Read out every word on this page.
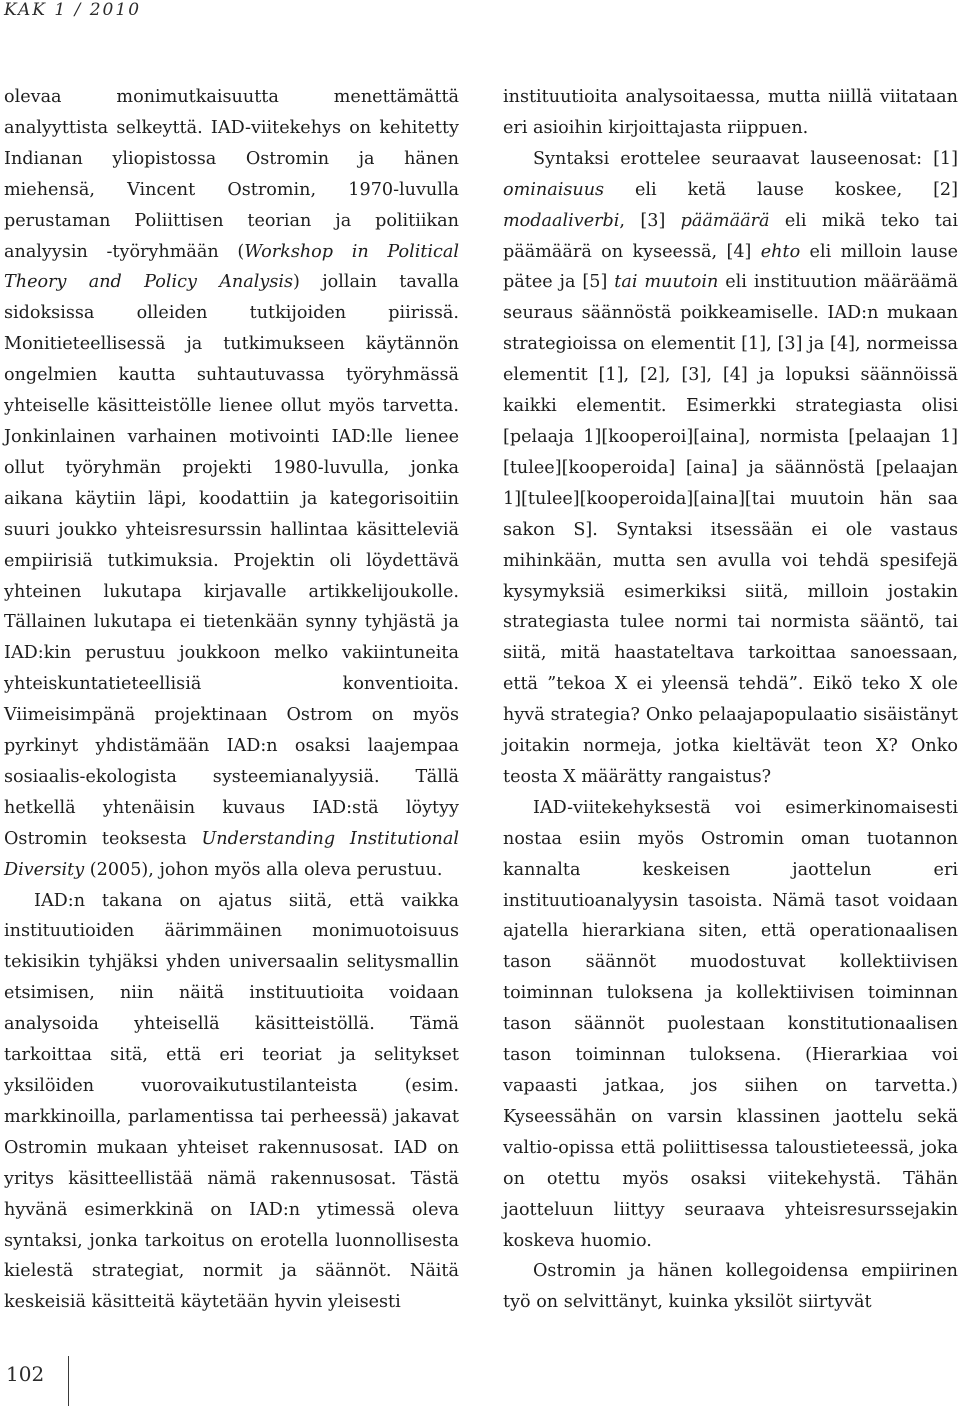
KAK 1 / 2010

olevaa monimutkaisuutta menettämättä analyyttista selkeyttä. IAD-viitekehys on kehitetty Indianan yliopistossa Ostromin ja hänen miehensä, Vincent Ostromin, 1970-luvulla perustaman Poliittisen teorian ja politiikan analyysin -työryhmään (Workshop in Political Theory and Policy Analysis) jollain tavalla sidoksissa olleiden tutkijoiden piirissä. Monitieteellisessä ja tutkimukseen käytännön ongelmien kautta suhtautuvassa työryhmässä yhteiselle käsitteistölle lienee ollut myös tarvetta. Jonkinlainen varhainen motivointi IAD:lle lienee ollut työryhmän projekti 1980-luvulla, jonka aikana käytiin läpi, koodattiin ja kategorisoitiin suuri joukko yhteisresurssin hallintaa käsitteleviä empiirisiä tutkimuksia. Projektin oli löydettävä yhteinen lukutapa kirjavalle artikkelijoukolle. Tällainen lukutapa ei tietenkään synny tyhjästä ja IAD:kin perustuu joukkoon melko vakiintuneita yhteiskuntatieteellisiä konventioita. Viimeisimpänä projektinaan Ostrom on myös pyrkinyt yhdistämään IAD:n osaksi laajempaa sosiaalis-ekologista systeemianalyysiä. Tällä hetkellä yhtenäisin kuvaus IAD:stä löytyy Ostromin teoksesta Understanding Institutional Diversity (2005), johon myös alla oleva perustuu.

IAD:n takana on ajatus siitä, että vaikka instituutioiden äärimmäinen monimuotoisuus tekisikin tyhjäksi yhden universaalin selitysmallin etsimisen, niin näitä instituutioita voidaan analysoida yhteisellä käsitteistöllä. Tämä tarkoittaa sitä, että eri teoriat ja selitykset yksilöiden vuorovaikutustilanteista (esim. markkinoilla, parlamentissa tai perheessä) jakavat Ostromin mukaan yhteiset rakennusosat. IAD on yritys käsitteellistää nämä rakennusosat. Tästä hyvänä esimerkkinä on IAD:n ytimessä oleva syntaksi, jonka tarkoitus on erotella luonnollisesta kielestä strategiat, normit ja säännöt. Näitä keskeisiä käsitteitä käytetään hyvin yleisesti

instituutioita analysoitaessa, mutta niillä viitataan eri asioihin kirjoittajasta riippuen.

Syntaksi erottelee seuraavat lauseenosat: [1] ominaisuus eli ketä lause koskee, [2] modaaliverbi, [3] päämäärä eli mikä teko tai päämäärä on kyseessä, [4] ehto eli milloin lause pätee ja [5] tai muutoin eli instituution määräämä seuraus säännöstä poikkeamiselle. IAD:n mukaan strategioissa on elementit [1], [3] ja [4], normeissa elementit [1], [2], [3], [4] ja lopuksi säännöissä kaikki elementit. Esimerkki strategiasta olisi [pelaaja 1][kooperoi][aina], normista [pelaajan 1][tulee][kooperoida] [aina] ja säännöstä [pelaajan 1][tulee][kooperoida][aina][tai muutoin hän saa sakon S]. Syntaksi itsessään ei ole vastaus mihinkään, mutta sen avulla voi tehdä spesifejä kysymyksiä esimerkiksi siitä, milloin jostakin strategiasta tulee normi tai normista sääntö, tai siitä, mitä haastateltava tarkoittaa sanoessaan, että ”tekoa X ei yleensä tehdä”. Eikö teko X ole hyvä strategia? Onko pelaajapopulaatio sisäistänyt joitakin normeja, jotka kieltävät teon X? Onko teosta X määrätty rangaistus?

IAD-viitekehyksestä voi esimerkinomaisesti nostaa esiin myös Ostromin oman tuotannon kannalta keskeisen jaottelun eri instituutioanalyysin tasoista. Nämä tasot voidaan ajatella hierarkiana siten, että operationaalisen tason säännöt muodostuvat kollektiivisen toiminnan tuloksena ja kollektiivisen toiminnan tason säännöt puolestaan konstitutionaalisen tason toiminnan tuloksena. (Hierarkiaa voi vapaasti jatkaa, jos siihen on tarvetta.) Kyseessähän on varsin klassinen jaottelu sekä valtio-opissa että poliittisessa taloustieteessä, joka on otettu myös osaksi viitekehystä. Tähän jaotteluun liittyy seuraava yhteisresurssejakin koskeva huomio.

Ostromin ja hänen kollegoidensa empiirinen työ on selvittänyt, kuinka yksilöt siirtyvät

102
